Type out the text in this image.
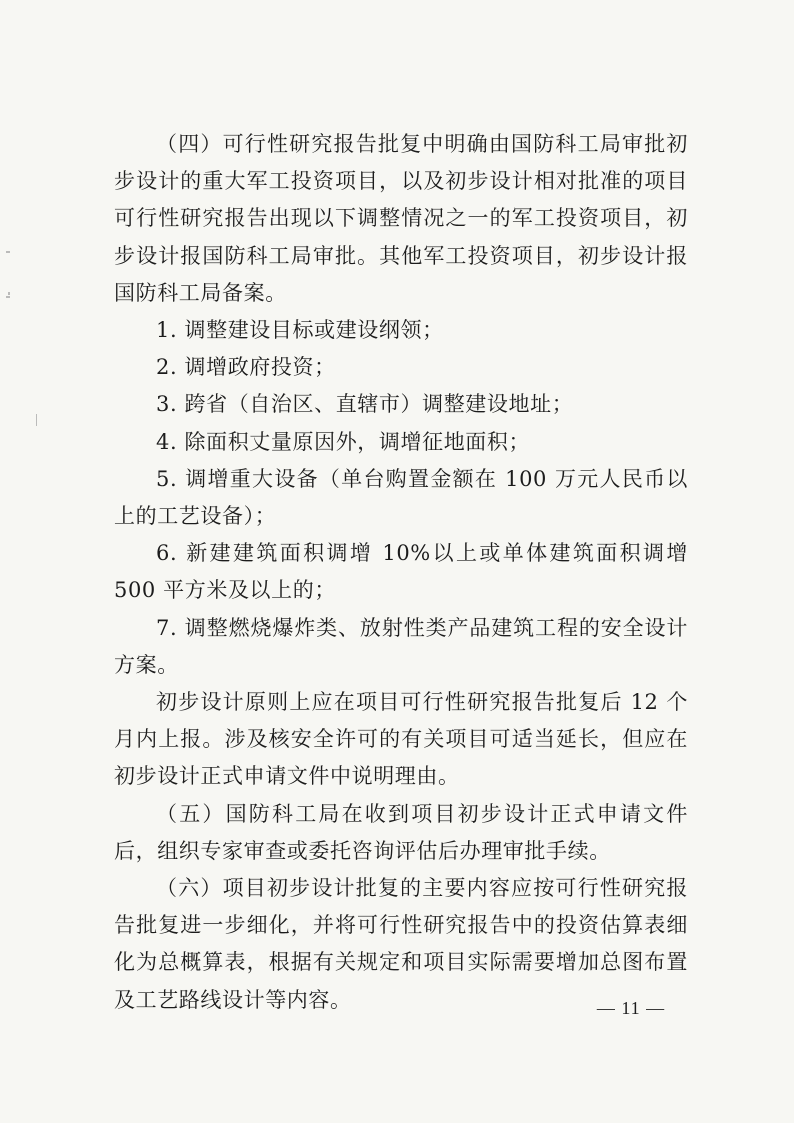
（四）可行性研究报告批复中明确由国防科工局审批初步设计的重大军工投资项目，以及初步设计相对批准的项目可行性研究报告出现以下调整情况之一的军工投资项目，初步设计报国防科工局审批。其他军工投资项目，初步设计报国防科工局备案。

1. 调整建设目标或建设纲领；

2. 调增政府投资；

3. 跨省（自治区、直辖市）调整建设地址；

4. 除面积丈量原因外，调增征地面积；

5. 调增重大设备（单台购置金额在 100 万元人民币以上的工艺设备）；

6. 新建建筑面积调增 10%以上或单体建筑面积调增 500 平方米及以上的；

7. 调整燃烧爆炸类、放射性类产品建筑工程的安全设计方案。

初步设计原则上应在项目可行性研究报告批复后 12 个月内上报。涉及核安全许可的有关项目可适当延长，但应在初步设计正式申请文件中说明理由。

（五）国防科工局在收到项目初步设计正式申请文件后，组织专家审查或委托咨询评估后办理审批手续。

（六）项目初步设计批复的主要内容应按可行性研究报告批复进一步细化，并将可行性研究报告中的投资估算表细化为总概算表，根据有关规定和项目实际需要增加总图布置及工艺路线设计等内容。	— 11 —
